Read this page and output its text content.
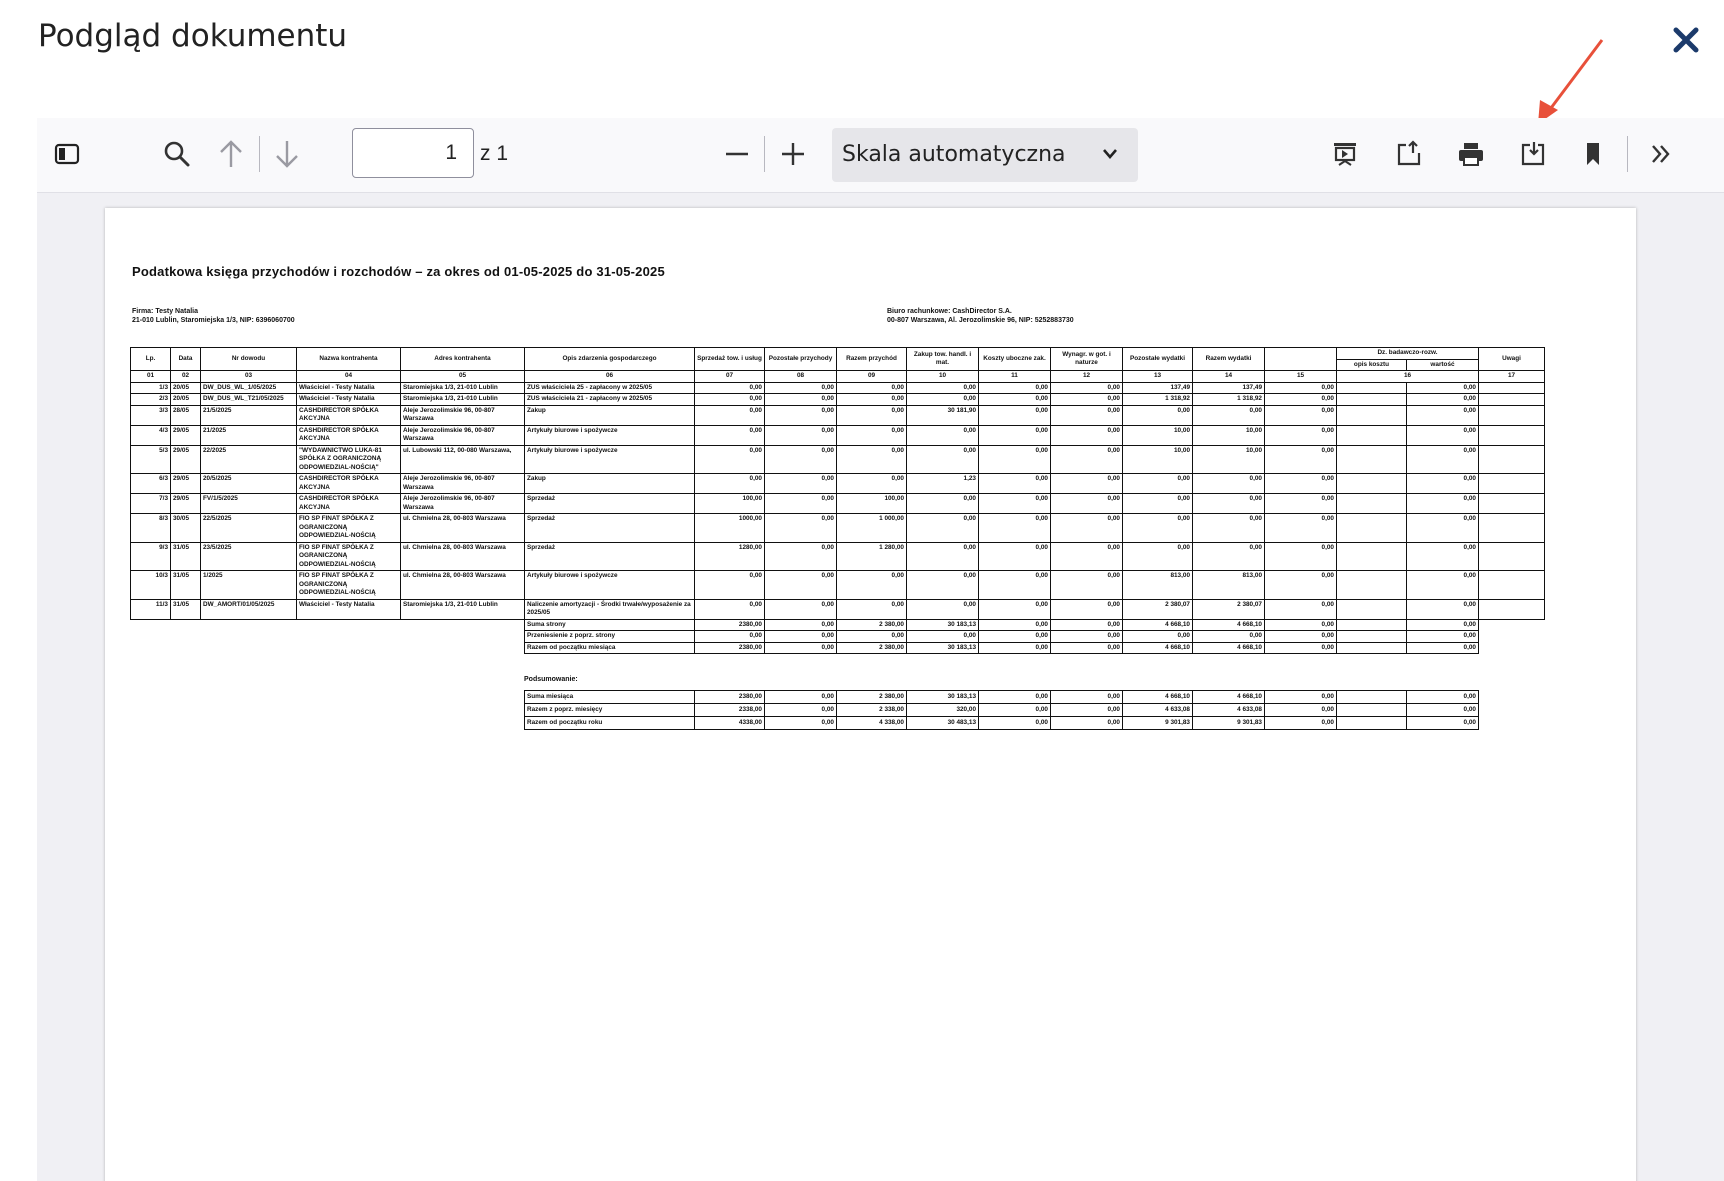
Podgląd dokumentu
1
z 1	Skala automatyczna
Podatkowa księga przychodów i rozchodów – za okres od 01-05-2025 do 31-05-2025
Firma: Testy Natalia
21-010 Lublin, Staromiejska 1/3, NIP: 6396060700
Biuro rachunkowe: CashDirector S.A.
00-807 Warszawa, Al. Jerozolimskie 96, NIP: 5252883730
Lp.	Data	Nr dowodu	Nazwa kontrahenta	Adres kontrahenta	Opis zdarzenia gospodarczego	Sprzedaż tow. i usług	Pozostałe przychody	Razem przychód	Zakup tow. handl. i mat.	Koszty uboczne zak.	Wynagr. w got. i naturze	Pozostałe wydatki	Razem wydatki		Dz. badawczo-rozw.		Uwagi
															opis kosztu	wartość	
01	02	03	04	05	06	07	08	09	10	11	12	13	14	15	16		17
1/3	20/05	DW_DUS_WL_1/05/2025	Właściciel - Testy Natalia	Staromiejska 1/3, 21-010 Lublin	ZUS właściciela 25 - zapłacony w 2025/05	0,00	0,00	0,00	0,00	0,00	0,00	137,49	137,49	0,00		0,00	
2/3	20/05	DW_DUS_WL_T21/05/2025	Właściciel - Testy Natalia	Staromiejska 1/3, 21-010 Lublin	ZUS właściciela 21 - zapłacony w 2025/05	0,00	0,00	0,00	0,00	0,00	0,00	1 318,92	1 318,92	0,00		0,00	
3/3	28/05	21/5/2025	CASHDIRECTOR SPÓŁKA AKCYJNA	Aleje Jerozolimskie 96, 00-807 Warszawa	Zakup	0,00	0,00	0,00	30 181,90	0,00	0,00	0,00	0,00	0,00		0,00	
4/3	29/05	21/2025	CASHDIRECTOR SPÓŁKA AKCYJNA	Aleje Jerozolimskie 96, 00-807 Warszawa	Artykuły biurowe i spożywcze	0,00	0,00	0,00	0,00	0,00	0,00	10,00	10,00	0,00		0,00	
5/3	29/05	22/2025	"WYDAWNICTWO LUKA-81 SPÓŁKA Z OGRANICZONĄ ODPOWIEDZIAL-NOŚCIĄ"	ul. Lubowski 112, 00-080 Warszawa,	Artykuły biurowe i spożywcze	0,00	0,00	0,00	0,00	0,00	0,00	10,00	10,00	0,00		0,00	
6/3	29/05	20/5/2025	CASHDIRECTOR SPÓŁKA AKCYJNA	Aleje Jerozolimskie 96, 00-807 Warszawa	Zakup	0,00	0,00	0,00	1,23	0,00	0,00	0,00	0,00	0,00		0,00	
7/3	29/05	FV/1/5/2025	CASHDIRECTOR SPÓŁKA AKCYJNA	Aleje Jerozolimskie 96, 00-807 Warszawa	Sprzedaż	100,00	0,00	100,00	0,00	0,00	0,00	0,00	0,00	0,00		0,00	
8/3	30/05	22/5/2025	FIO SP FINAT SPÓŁKA Z OGRANICZONĄ ODPOWIEDZIAL-NOŚCIĄ	ul. Chmielna 28, 00-803 Warszawa	Sprzedaż	1000,00	0,00	1 000,00	0,00	0,00	0,00	0,00	0,00	0,00		0,00	
9/3	31/05	23/5/2025	FIO SP FINAT SPÓŁKA Z OGRANICZONĄ ODPOWIEDZIAL-NOŚCIĄ	ul. Chmielna 28, 00-803 Warszawa	Sprzedaż	1280,00	0,00	1 280,00	0,00	0,00	0,00	0,00	0,00	0,00		0,00	
10/3	31/05	1/2025	FIO SP FINAT SPÓŁKA Z OGRANICZONĄ ODPOWIEDZIAL-NOŚCIĄ	ul. Chmielna 28, 00-803 Warszawa	Artykuły biurowe i spożywcze	0,00	0,00	0,00	0,00	0,00	0,00	813,00	813,00	0,00		0,00	
11/3	31/05	DW_AMORT/01/05/2025	Właściciel - Testy Natalia	Staromiejska 1/3, 21-010 Lublin	Naliczenie amortyzacji - Środki trwałe/wyposażenie za 2025/05	0,00	0,00	0,00	0,00	0,00	0,00	2 380,07	2 380,07	0,00		0,00	
					Suma strony	2380,00	0,00	2 380,00	30 183,13	0,00	0,00	4 668,10	4 668,10	0,00		0,00	
					Przeniesienie z poprz. strony	0,00	0,00	0,00	0,00	0,00	0,00	0,00	0,00	0,00		0,00	
					Razem od początku miesiąca	2380,00	0,00	2 380,00	30 183,13	0,00	0,00	4 668,10	4 668,10	0,00		0,00	
Podsumowanie:
Suma miesiąca	2380,00	0,00	2 380,00	30 183,13	0,00	0,00	4 668,10	4 668,10	0,00		0,00
Razem z poprz. miesięcy	2338,00	0,00	2 338,00	320,00	0,00	0,00	4 633,08	4 633,08	0,00		0,00
Razem od początku roku	4338,00	0,00	4 338,00	30 483,13	0,00	0,00	9 301,83	9 301,83	0,00		0,00
